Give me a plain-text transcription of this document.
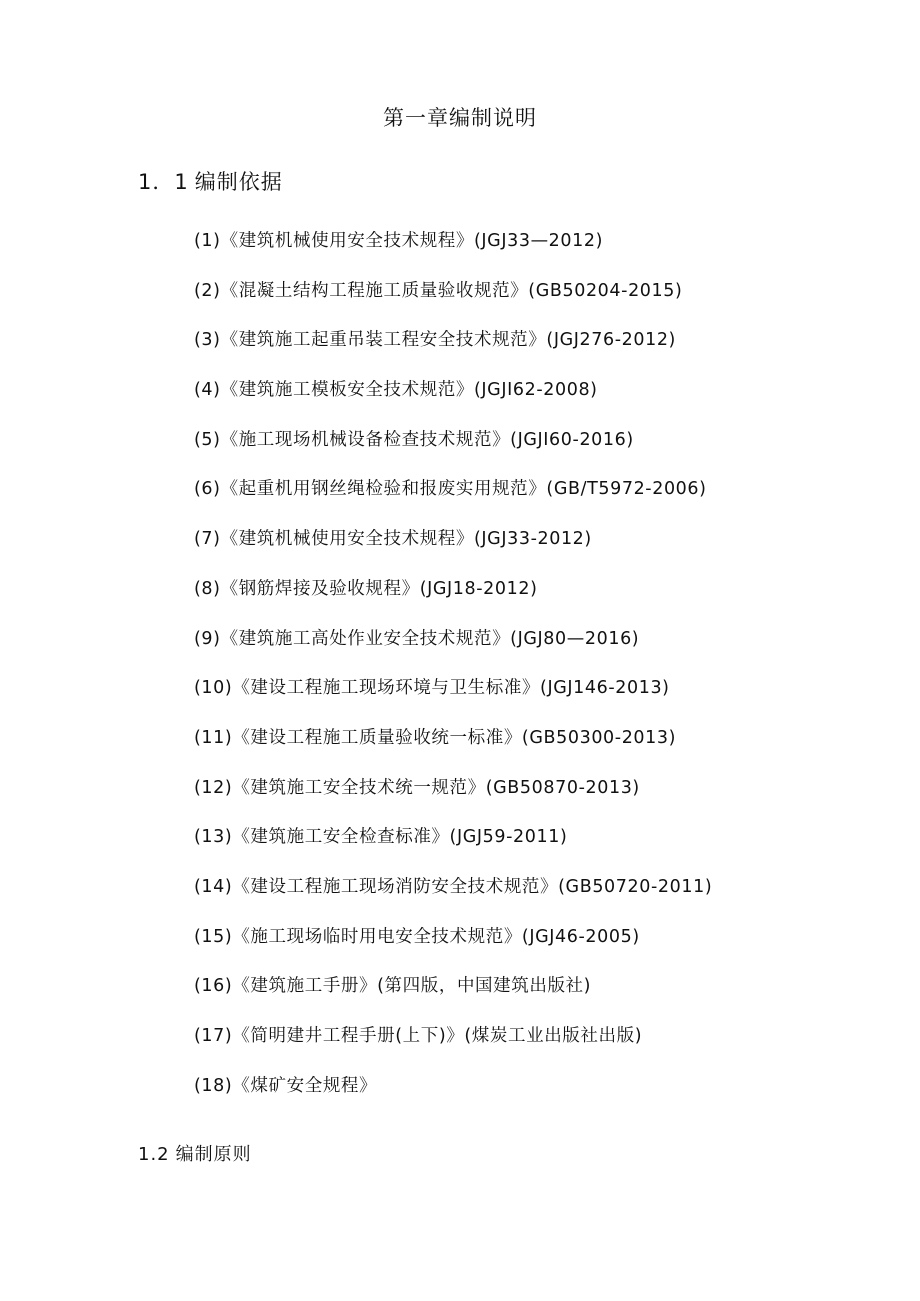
第一章编制说明
1．1 编制依据
(1)《建筑机械使用安全技术规程》(JGJ33—2012)
(2)《混凝土结构工程施工质量验收规范》(GB50204-2015)
(3)《建筑施工起重吊装工程安全技术规范》(JGJ276-2012)
(4)《建筑施工模板安全技术规范》(JGJI62-2008)
(5)《施工现场机械设备检查技术规范》(JGJI60-2016)
(6)《起重机用钢丝绳检验和报废实用规范》(GB/T5972-2006)
(7)《建筑机械使用安全技术规程》(JGJ33-2012)
(8)《钢筋焊接及验收规程》(JGJ18-2012)
(9)《建筑施工高处作业安全技术规范》(JGJ80—2016)
(10)《建设工程施工现场环境与卫生标准》(JGJ146-2013)
(11)《建设工程施工质量验收统一标准》(GB50300-2013)
(12)《建筑施工安全技术统一规范》(GB50870-2013)
(13)《建筑施工安全检查标准》(JGJ59-2011)
(14)《建设工程施工现场消防安全技术规范》(GB50720-2011)
(15)《施工现场临时用电安全技术规范》(JGJ46-2005)
(16)《建筑施工手册》(第四版，中国建筑出版社)
(17)《简明建井工程手册(上下)》(煤炭工业出版社出版)
(18)《煤矿安全规程》
1.2 编制原则
